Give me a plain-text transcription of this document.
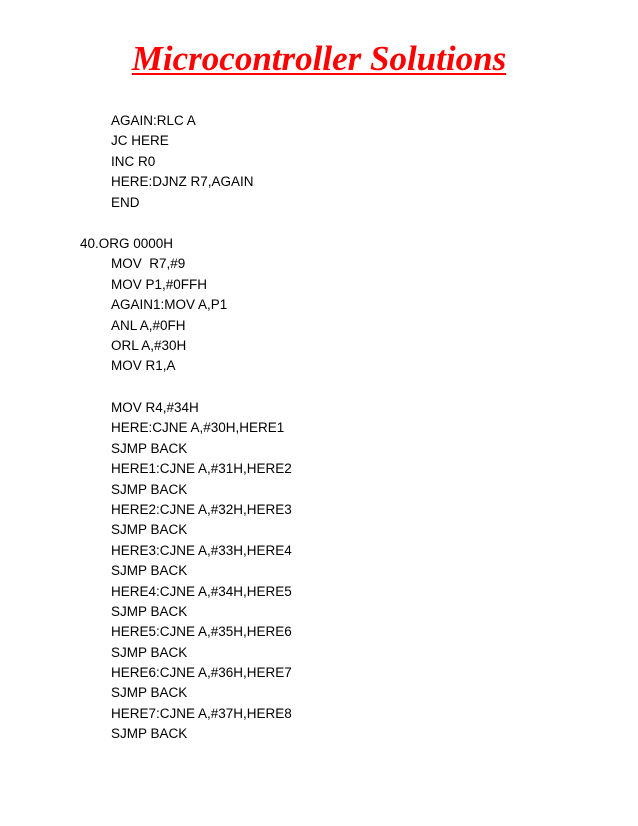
Microcontroller Solutions
AGAIN:RLC A
JC HERE
INC R0
HERE:DJNZ R7,AGAIN
END
40.ORG 0000H
MOV  R7,#9
MOV P1,#0FFH
AGAIN1:MOV A,P1
ANL A,#0FH
ORL A,#30H
MOV R1,A
MOV R4,#34H
HERE:CJNE A,#30H,HERE1
SJMP BACK
HERE1:CJNE A,#31H,HERE2
SJMP BACK
HERE2:CJNE A,#32H,HERE3
SJMP BACK
HERE3:CJNE A,#33H,HERE4
SJMP BACK
HERE4:CJNE A,#34H,HERE5
SJMP BACK
HERE5:CJNE A,#35H,HERE6
SJMP BACK
HERE6:CJNE A,#36H,HERE7
SJMP BACK
HERE7:CJNE A,#37H,HERE8
SJMP BACK
